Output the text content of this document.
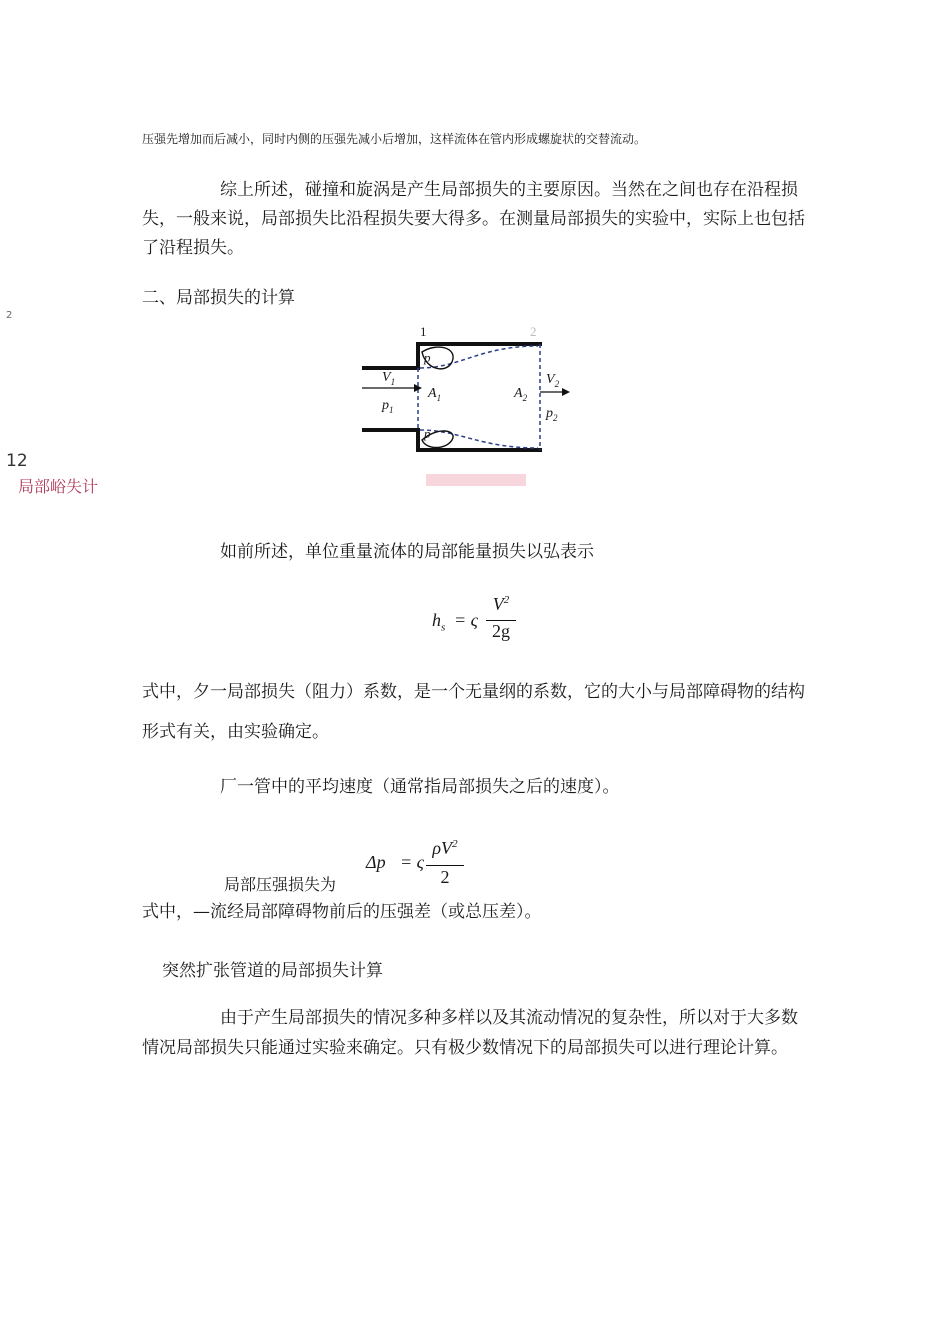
压强先增加而后减小，同时内侧的压强先减小后增加，这样流体在管内形成螺旋状的交替流动。
综上所述，碰撞和旋涡是产生局部损失的主要原因。当然在之间也存在沿程损失，一般来说，局部损失比沿程损失要大得多。在测量局部损失的实验中，实际上也包括了沿程损失。
二、局部损失的计算
2
12
局部峪失计
1	2
$V_1$
$p_1$
$A_1$	$A_2$
$V_2$
$p_2$
p
p
如前所述，单位重量流体的局部能量损失以弘表示
$h_s = \varsigma$
$V^2$
2g
式中，夕一局部损失（阻力）系数，是一个无量纲的系数，它的大小与局部障碍物的结构形式有关，由实验确定。
厂一管中的平均速度（通常指局部损失之后的速度）。
局部压强损失为
Δp = ς
$\rho V^2$
2
式中，—流经局部障碍物前后的压强差（或总压差）。
突然扩张管道的局部损失计算
由于产生局部损失的情况多种多样以及其流动情况的复杂性，所以对于大多数情况局部损失只能通过实验来确定。只有极少数情况下的局部损失可以进行理论计算。
